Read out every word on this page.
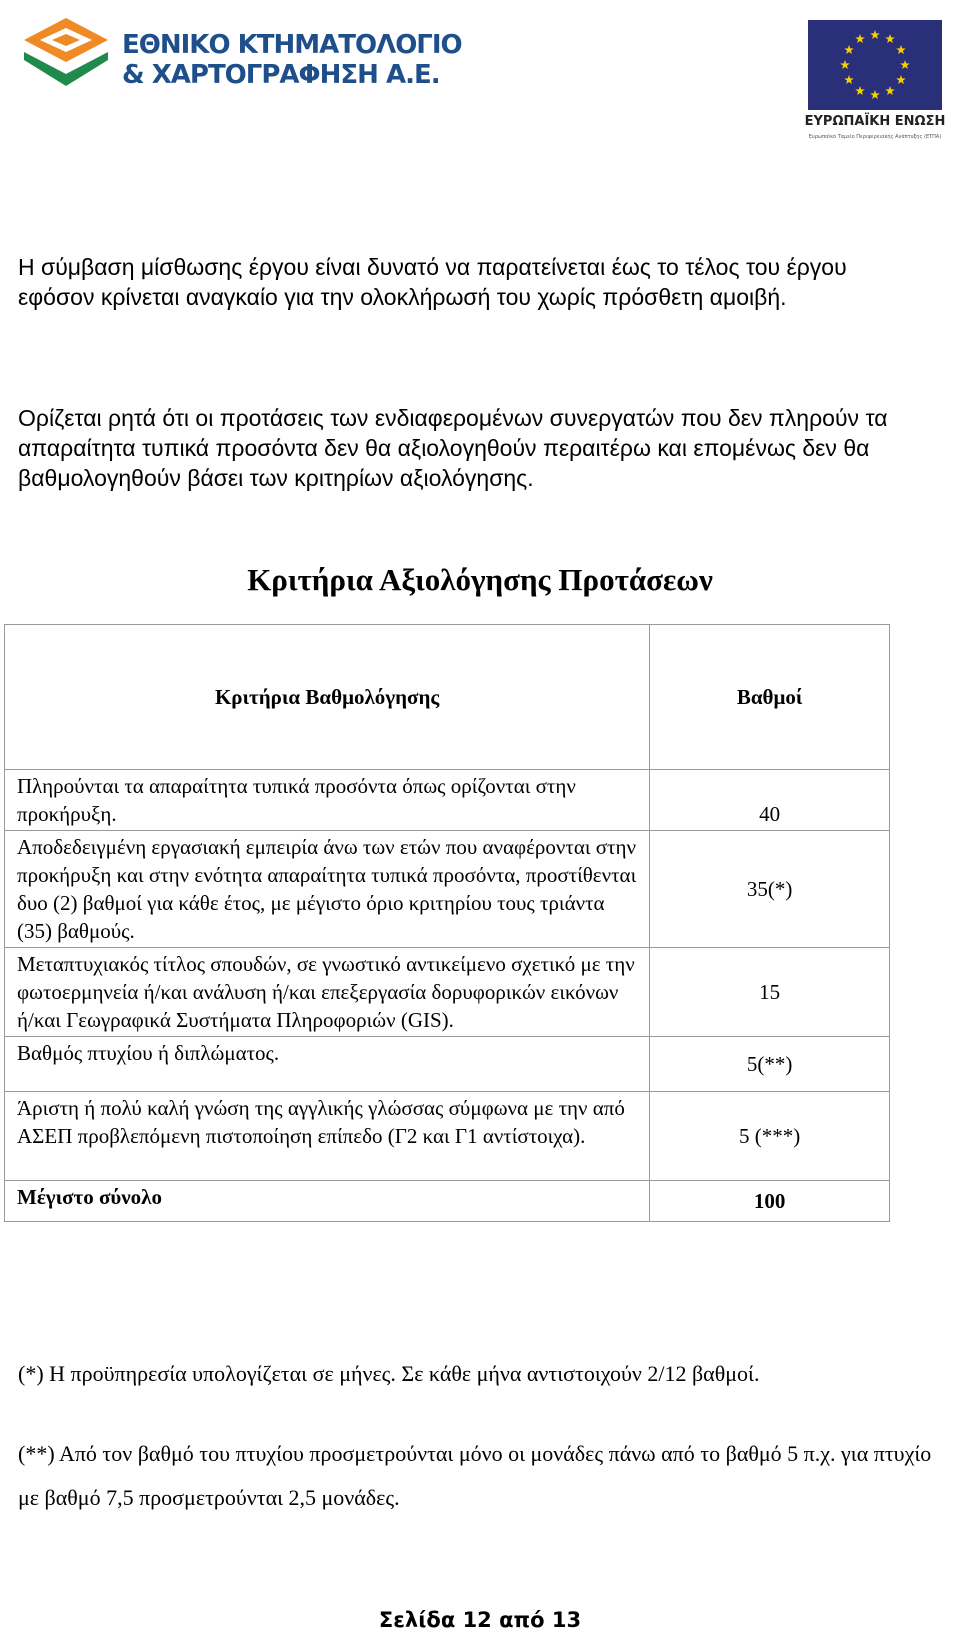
ΕΘΝΙΚΟ ΚΤΗΜΑΤΟΛΟΓΙΟ
& ΧΑΡΤΟΓΡΑΦΗΣΗ Α.Ε.
ΕΥΡΩΠΑΪΚΗ ΕΝΩΣΗ
Ευρωπαϊκό Ταμείο Περιφερειακής Ανάπτυξης (ΕΤΠΑ)

Η σύμβαση μίσθωσης έργου είναι δυνατό να παρατείνεται έως το τέλος του έργου εφόσον κρίνεται αναγκαίο για την ολοκλήρωσή του χωρίς πρόσθετη αμοιβή.

Ορίζεται ρητά ότι οι προτάσεις των ενδιαφερομένων συνεργατών που δεν πληρούν τα απαραίτητα τυπικά προσόντα δεν θα αξιολογηθούν περαιτέρω και επομένως δεν θα βαθμολογηθούν βάσει των κριτηρίων αξιολόγησης.

Κριτήρια Αξιολόγησης Προτάσεων
Κριτήρια Βαθμολόγησης	Βαθμοί
Πληρούνται τα απαραίτητα τυπικά προσόντα όπως ορίζονται στην προκήρυξη.	40
Αποδεδειγμένη εργασιακή εμπειρία άνω των ετών που αναφέρονται στην προκήρυξη και στην ενότητα απαραίτητα τυπικά προσόντα, προστίθενται δυο (2) βαθμοί για κάθε έτος, με μέγιστο όριο κριτηρίου τους τριάντα (35) βαθμούς.	35(*)
Μεταπτυχιακός τίτλος σπουδών, σε γνωστικό αντικείμενο σχετικό με την φωτοερμηνεία ή/και ανάλυση ή/και επεξεργασία δορυφορικών εικόνων ή/και Γεωγραφικά Συστήματα Πληροφοριών (GIS).	15
Βαθμός πτυχίου ή διπλώματος.	5(**)
Άριστη ή πολύ καλή γνώση της αγγλικής γλώσσας σύμφωνα με την από ΑΣΕΠ προβλεπόμενη πιστοποίηση επίπεδο (Γ2 και Γ1 αντίστοιχα).	5 (***)
Μέγιστο σύνολο	100

(*) Η προϋπηρεσία υπολογίζεται σε μήνες. Σε κάθε μήνα αντιστοιχούν 2/12 βαθμοί.

(**) Από τον βαθμό του πτυχίου προσμετρούνται μόνο οι μονάδες πάνω από το βαθμό 5 π.χ. για πτυχίο με βαθμό 7,5 προσμετρούνται 2,5 μονάδες.

Σελίδα 12 από 13
